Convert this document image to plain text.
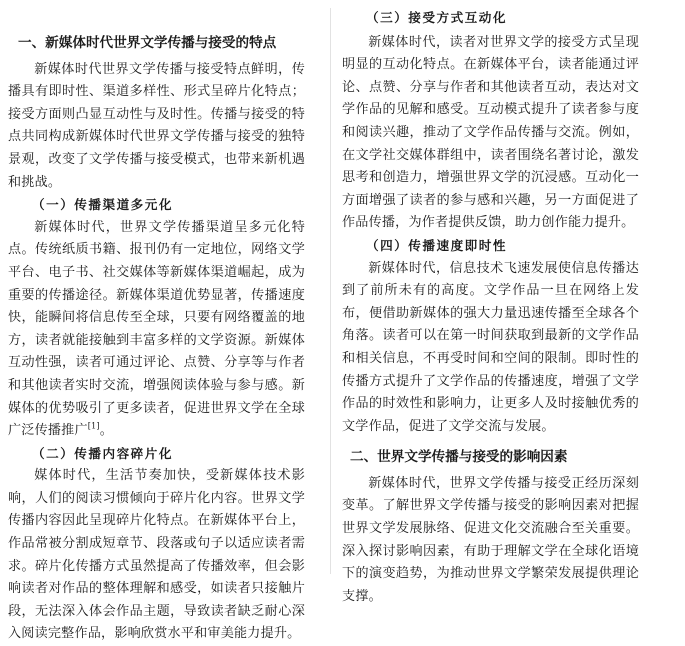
一、新媒体时代世界文学传播与接受的特点

新媒体时代世界文学传播与接受特点鲜明，传播具有即时性、渠道多样性、形式呈碎片化特点；接受方面则凸显互动性与及时性。传播与接受的特点共同构成新媒体时代世界文学传播与接受的独特景观，改变了文学传播与接受模式，也带来新机遇和挑战。

（一）传播渠道多元化

新媒体时代，世界文学传播渠道呈多元化特点。传统纸质书籍、报刊仍有一定地位，网络文学平台、电子书、社交媒体等新媒体渠道崛起，成为重要的传播途径。新媒体渠道优势显著，传播速度快，能瞬间将信息传至全球，只要有网络覆盖的地方，读者就能接触到丰富多样的文学资源。新媒体互动性强，读者可通过评论、点赞、分享等与作者和其他读者实时交流，增强阅读体验与参与感。新媒体的优势吸引了更多读者，促进世界文学在全球广泛传播推广[1]。

（二）传播内容碎片化

媒体时代，生活节奏加快，受新媒体技术影响，人们的阅读习惯倾向于碎片化内容。世界文学传播内容因此呈现碎片化特点。在新媒体平台上，作品常被分割成短章节、段落或句子以适应读者需求。碎片化传播方式虽然提高了传播效率，但会影响读者对作品的整体理解和感受，如读者只接触片段，无法深入体会作品主题，导致读者缺乏耐心深入阅读完整作品，影响欣赏水平和审美能力提升。

（三）接受方式互动化

新媒体时代，读者对世界文学的接受方式呈现明显的互动化特点。在新媒体平台，读者能通过评论、点赞、分享与作者和其他读者互动，表达对文学作品的见解和感受。互动模式提升了读者参与度和阅读兴趣，推动了文学作品传播与交流。例如，在文学社交媒体群组中，读者围绕名著讨论，激发思考和创造力，增强世界文学的沉浸感。互动化一方面增强了读者的参与感和兴趣，另一方面促进了作品传播，为作者提供反馈，助力创作能力提升。

（四）传播速度即时性

新媒体时代，信息技术飞速发展使信息传播达到了前所未有的高度。文学作品一旦在网络上发布，便借助新媒体的强大力量迅速传播至全球各个角落。读者可以在第一时间获取到最新的文学作品和相关信息，不再受时间和空间的限制。即时性的传播方式提升了文学作品的传播速度，增强了文学作品的时效性和影响力，让更多人及时接触优秀的文学作品，促进了文学交流与发展。

二、世界文学传播与接受的影响因素

新媒体时代，世界文学传播与接受正经历深刻变革。了解世界文学传播与接受的影响因素对把握世界文学发展脉络、促进文化交流融合至关重要。深入探讨影响因素，有助于理解文学在全球化语境下的演变趋势，为推动世界文学繁荣发展提供理论支撑。
